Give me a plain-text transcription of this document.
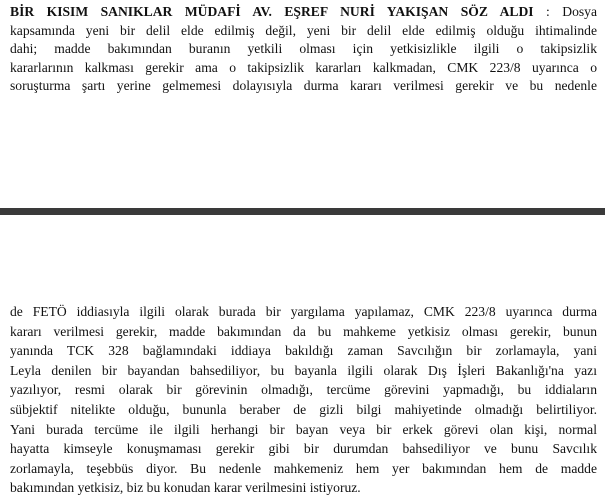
BİR KISIM SANIKLAR MÜDAFİ AV. EŞREF NURİ YAKIŞAN SÖZ ALDI : Dosya
kapsamında yeni bir delil elde edilmiş değil, yeni bir delil elde edilmiş olduğu ihtimalinde
dahi; madde bakımından buranın yetkili olması için yetkisizlikle ilgili o takipsizlik
kararlarının kalkması gerekir ama o takipsizlik kararları kalkmadan, CMK 223/8 uyarınca o
soruşturma şartı yerine gelmemesi dolayısıyla durma kararı verilmesi gerekir ve bu nedenle
de FETÖ iddiasıyla ilgili olarak burada bir yargılama yapılamaz, CMK 223/8 uyarınca durma
kararı verilmesi gerekir, madde bakımından da bu mahkeme yetkisiz olması gerekir, bunun
yanında TCK 328 bağlamındaki iddiaya bakıldığı zaman Savcılığın bir zorlamayla, yani
Leyla denilen bir bayandan bahsediliyor, bu bayanla ilgili olarak Dış İşleri Bakanlığı'na yazı
yazılıyor, resmi olarak bir görevinin olmadığı, tercüme görevini yapmadığı, bu iddiaların
sübjektif nitelikte olduğu, bununla beraber de gizli bilgi mahiyetinde olmadığı belirtiliyor.
Yani burada tercüme ile ilgili herhangi bir bayan veya bir erkek görevi olan kişi, normal
hayatta kimseyle konuşmaması gerekir gibi bir durumdan bahsediliyor ve bunu Savcılık
zorlamayla, teşebbüs diyor. Bu nedenle mahkemeniz hem yer bakımından hem de madde
bakımından yetkisiz, biz bu konudan karar verilmesini istiyoruz.
